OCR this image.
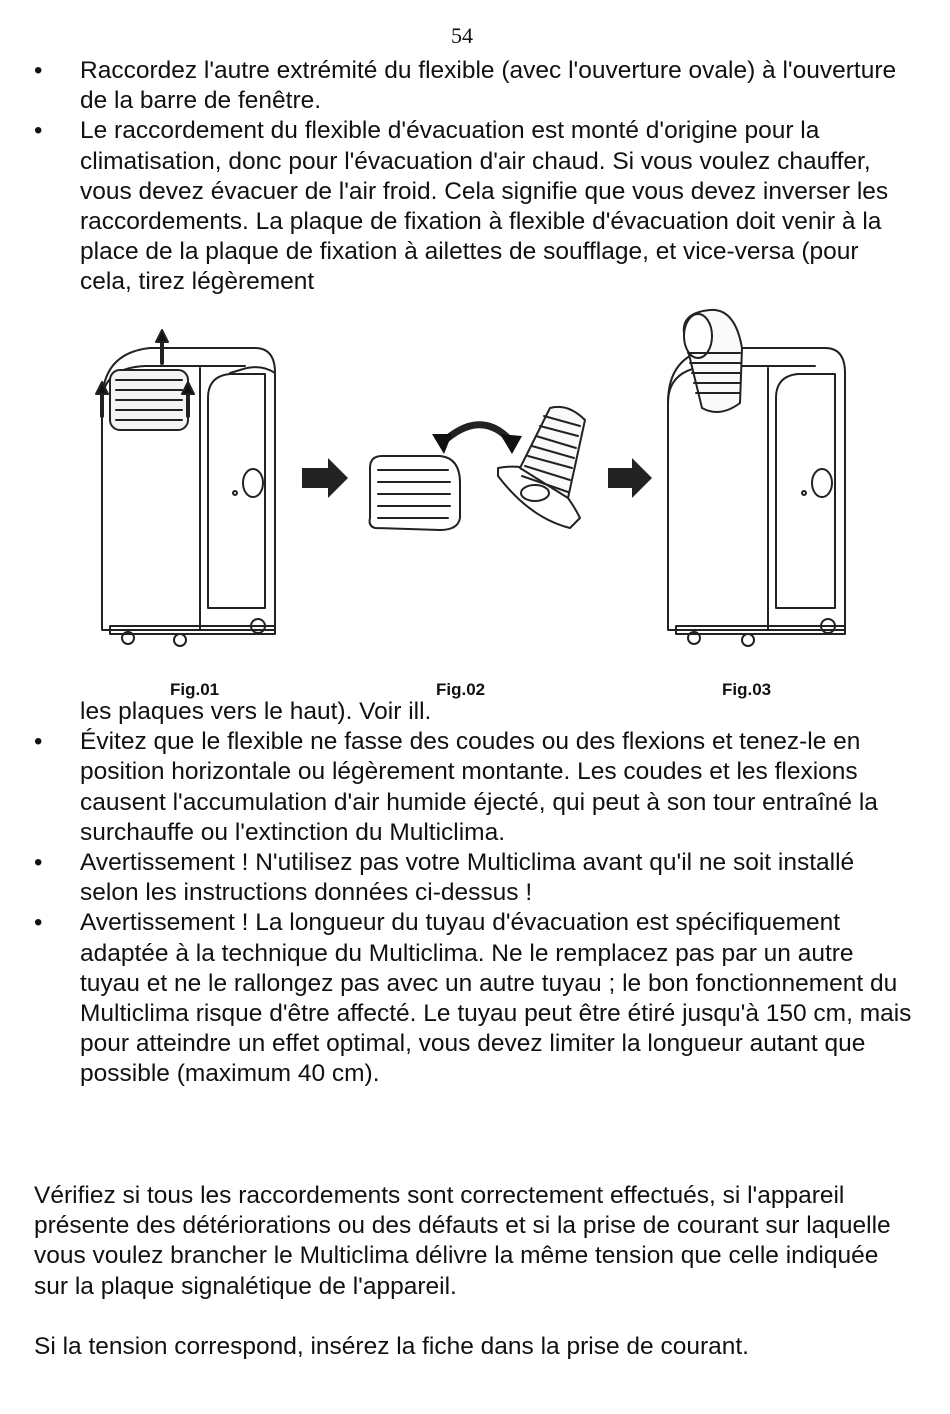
54
• Raccordez l'autre extrémité du flexible (avec l'ouverture ovale) à l'ouverture de la barre de fenêtre.
• Le raccordement du flexible d'évacuation est monté d'origine pour la climatisation, donc pour l'évacuation d'air chaud. Si vous voulez chauffer, vous devez évacuer de l'air froid. Cela signifie que vous devez inverser les raccordements. La plaque de fixation à flexible d'évacuation doit venir à la place de la plaque de fixation à ailettes de soufflage, et vice-versa (pour cela, tirez légèrement
Fig.01	Fig.02	Fig.03
les plaques vers le haut). Voir ill.
• Évitez que le flexible ne fasse des coudes ou des flexions et tenez-le en position horizontale ou légèrement montante. Les coudes et les flexions causent l'accumulation d'air humide éjecté, qui peut à son tour entraîné la surchauffe ou l'extinction du Multiclima.
• Avertissement ! N'utilisez pas votre Multiclima avant qu'il ne soit installé selon les instructions données ci-dessus !
• Avertissement ! La longueur du tuyau d'évacuation est spécifiquement adaptée à la technique du Multiclima. Ne le remplacez pas par un autre tuyau et ne le rallongez pas avec un autre tuyau ; le bon fonctionnement du Multiclima risque d'être affecté. Le tuyau peut être étiré jusqu'à 150 cm, mais pour atteindre un effet optimal, vous devez limiter la longueur autant que possible (maximum 40 cm).

Vérifiez si tous les raccordements sont correctement effectués, si l'appareil présente des détériorations ou des défauts et si la prise de courant sur laquelle vous voulez brancher le Multiclima délivre la même tension que celle indiquée sur la plaque signalétique de l'appareil.

Si la tension correspond, insérez la fiche dans la prise de courant.
